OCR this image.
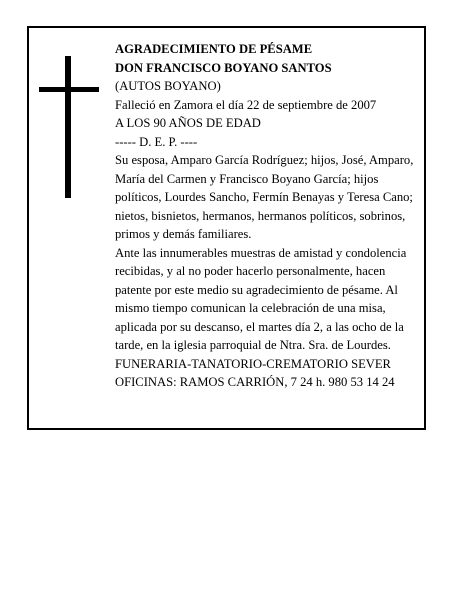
AGRADECIMIENTO DE PÉSAME
DON FRANCISCO BOYANO SANTOS
(AUTOS BOYANO)
Falleció en Zamora el día 22 de septiembre de 2007
A LOS 90 AÑOS DE EDAD
----- D. E. P. ----
Su esposa, Amparo García Rodríguez; hijos, José, Amparo, María del Carmen y Francisco Boyano García; hijos políticos, Lourdes Sancho, Fermín Benayas y Teresa Cano; nietos, bisnietos, hermanos, hermanos políticos, sobrinos, primos y demás familiares.
Ante las innumerables muestras de amistad y condolencia recibidas, y al no poder hacerlo personalmente, hacen patente por este medio su agradecimiento de pésame. Al mismo tiempo comunican la celebración de una misa, aplicada por su descanso, el martes día 2, a las ocho de la tarde, en la iglesia parroquial de Ntra. Sra. de Lourdes.
FUNERARIA-TANATORIO-CREMATORIO SEVER
OFICINAS: RAMOS CARRIÓN, 7 24 h. 980 53 14 24
